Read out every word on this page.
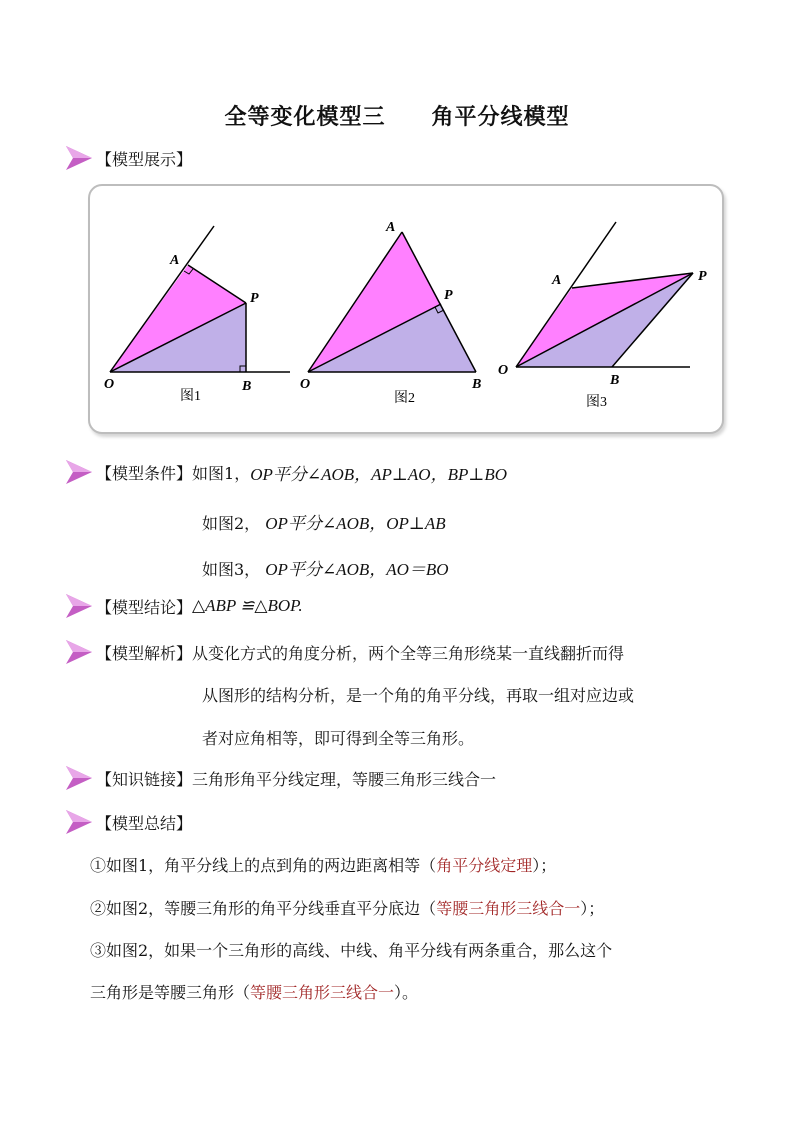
全等变化模型三　　角平分线模型
【模型展示】
A
P
O	B
图1
A
P
O	B
图2
A	P
O
B
图3
【模型条件】 如图1， OP平分∠AOB，AP⊥AO，BP⊥BO
如图2， OP平分∠AOB，OP⊥AB
如图3， OP平分∠AOB，AO＝BO
【模型结论】 △ABP ≌△BOP.
【模型解析】 从变化方式的角度分析，两个全等三角形绕某一直线翻折而得
从图形的结构分析，是一个角的角平分线，再取一组对应边或
者对应角相等，即可得到全等三角形。
【知识链接】 三角形角平分线定理，等腰三角形三线合一
【模型总结】
①如图1，角平分线上的点到角的两边距离相等（角平分线定理）；
②如图2，等腰三角形的角平分线垂直平分底边（等腰三角形三线合一）；
③如图2，如果一个三角形的高线、中线、角平分线有两条重合，那么这个
三角形是等腰三角形（等腰三角形三线合一）。
